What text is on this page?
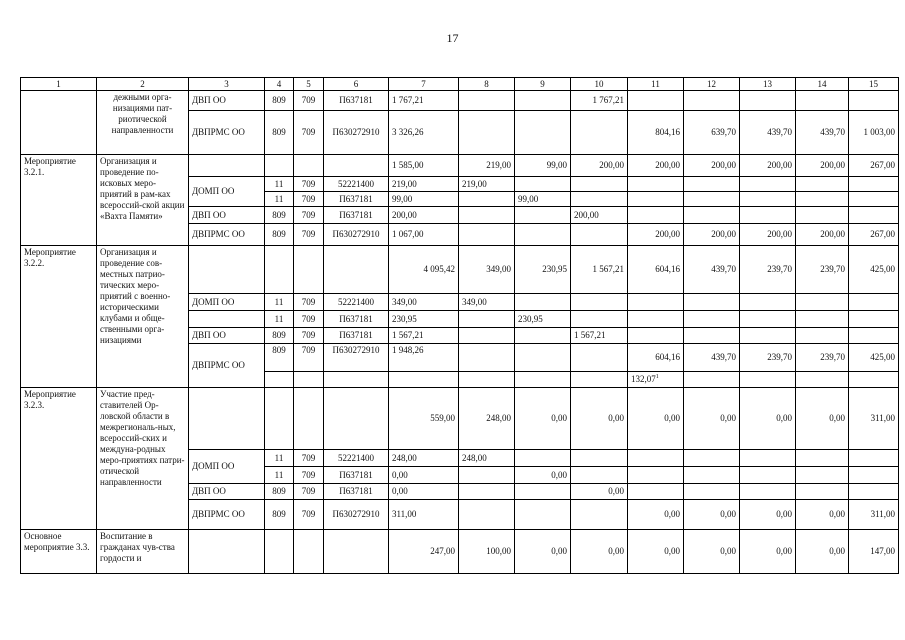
17
1	2	3	4	5	6	7	8	9	10	11	12	13	14	15
	дежными орга-низациями пат-риотической направленности	ДВП ОО	809	709	П637181	1 767,21			1 767,21					
		ДВПРМС ОО	809	709	П630272910	3 326,26				804,16	639,70	439,70	439,70	1 003,00
Мероприятие 3.2.1.	Организация и проведение по-исковых меро-приятий в рам-ках всероссий-ской акции «Вахта Памяти»					1 585,00	219,00	99,00	200,00	200,00	200,00	200,00	200,00	267,00
		ДОМП ОО	11	709	52221400	219,00	219,00							
			11	709	П637181	99,00		99,00						
		ДВП ОО	809	709	П637181	200,00			200,00					
		ДВПРМС ОО	809	709	П630272910	1 067,00				200,00	200,00	200,00	200,00	267,00
Мероприятие 3.2.2.	Организация и проведение сов-местных патрио-тических меро-приятий с военно-историческими клубами и обще-ственными орга-низациями					4 095,42	349,00	230,95	1 567,21	604,16	439,70	239,70	239,70	425,00
		ДОМП ОО	11	709	52221400	349,00	349,00							
			11	709	П637181	230,95		230,95						
		ДВП ОО	809	709	П637181	1 567,21			1 567,21					
		ДВПРМС ОО	809	709	П630272910	1 948,26				604,16	439,70	239,70	239,70	425,00
										132,07$^1$				
Мероприятие 3.2.3.	Участие пред-ставителей Ор-ловской области в межрегиональ-ных, всероссий-ских и междуна-родных меро-приятиях патри-отической направленности					559,00	248,00	0,00	0,00	0,00	0,00	0,00	0,00	311,00
		ДОМП ОО	11	709	52221400	248,00	248,00							
			11	709	П637181	0,00		0,00						
		ДВП ОО	809	709	П637181	0,00			0,00					
		ДВПРМС ОО	809	709	П630272910	311,00				0,00	0,00	0,00	0,00	311,00
Основное мероприятие 3.3.	Воспитание в гражданах чув-ства гордости и					247,00	100,00	0,00	0,00	0,00	0,00	0,00	0,00	147,00
